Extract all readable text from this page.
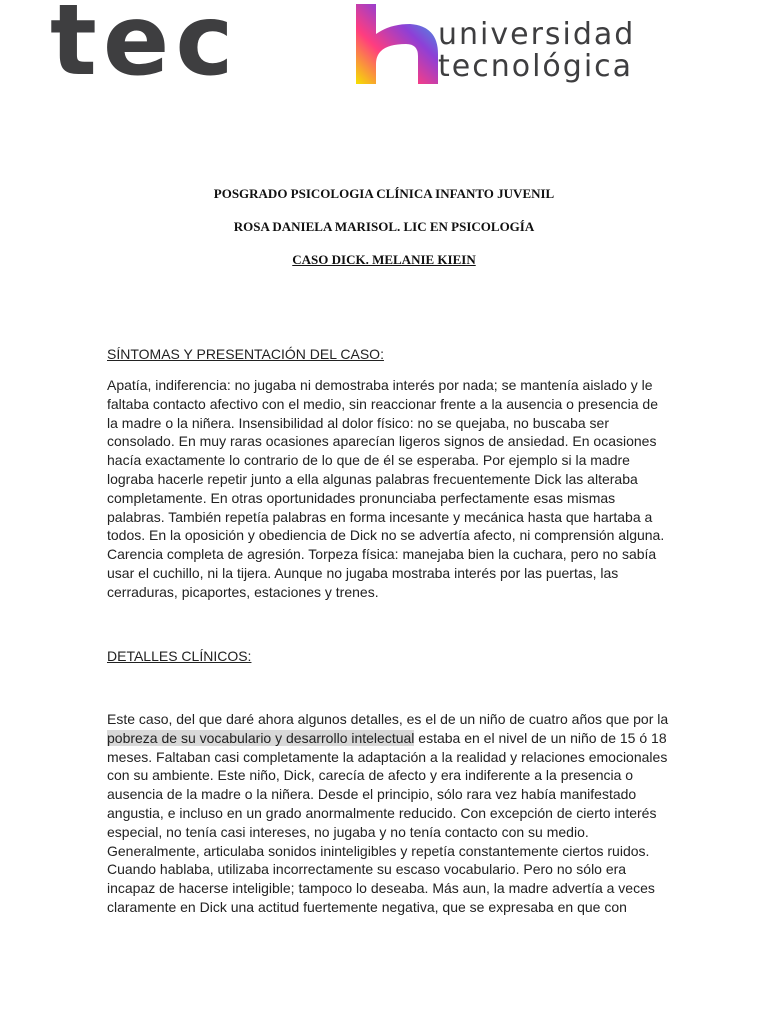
tec	universidad
tecnológica
POSGRADO PSICOLOGIA CLÍNICA INFANTO JUVENIL
ROSA DANIELA MARISOL. LIC EN PSICOLOGÍA
CASO DICK. MELANIE KIEIN
SÍNTOMAS Y PRESENTACIÓN DEL CASO:
Apatía, indiferencia: no jugaba ni demostraba interés por nada; se mantenía aislado y le
faltaba contacto afectivo con el medio, sin reaccionar frente a la ausencia o presencia de
la madre o la niñera. Insensibilidad al dolor físico: no se quejaba, no buscaba ser
consolado. En muy raras ocasiones aparecían ligeros signos de ansiedad. En ocasiones
hacía exactamente lo contrario de lo que de él se esperaba. Por ejemplo si la madre
lograba hacerle repetir junto a ella algunas palabras frecuentemente Dick las alteraba
completamente. En otras oportunidades pronunciaba perfectamente esas mismas
palabras. También repetía palabras en forma incesante y mecánica hasta que hartaba a
todos. En la oposición y obediencia de Dick no se advertía afecto, ni comprensión alguna.
Carencia completa de agresión. Torpeza física: manejaba bien la cuchara, pero no sabía
usar el cuchillo, ni la tijera. Aunque no jugaba mostraba interés por las puertas, las
cerraduras, picaportes, estaciones y trenes.
DETALLES CLÍNICOS:
Este caso, del que daré ahora algunos detalles, es el de un niño de cuatro años que por la
pobreza de su vocabulario y desarrollo intelectual estaba en el nivel de un niño de 15 ó 18
meses. Faltaban casi completamente la adaptación a la realidad y relaciones emocionales
con su ambiente. Este niño, Dick, carecía de afecto y era indiferente a la presencia o
ausencia de la madre o la niñera. Desde el principio, sólo rara vez había manifestado
angustia, e incluso en un grado anormalmente reducido. Con excepción de cierto interés
especial, no tenía casi intereses, no jugaba y no tenía contacto con su medio.
Generalmente, articulaba sonidos ininteligibles y repetía constantemente ciertos ruidos.
Cuando hablaba, utilizaba incorrectamente su escaso vocabulario. Pero no sólo era
incapaz de hacerse inteligible; tampoco lo deseaba. Más aun, la madre advertía a veces
claramente en Dick una actitud fuertemente negativa, que se expresaba en que con
